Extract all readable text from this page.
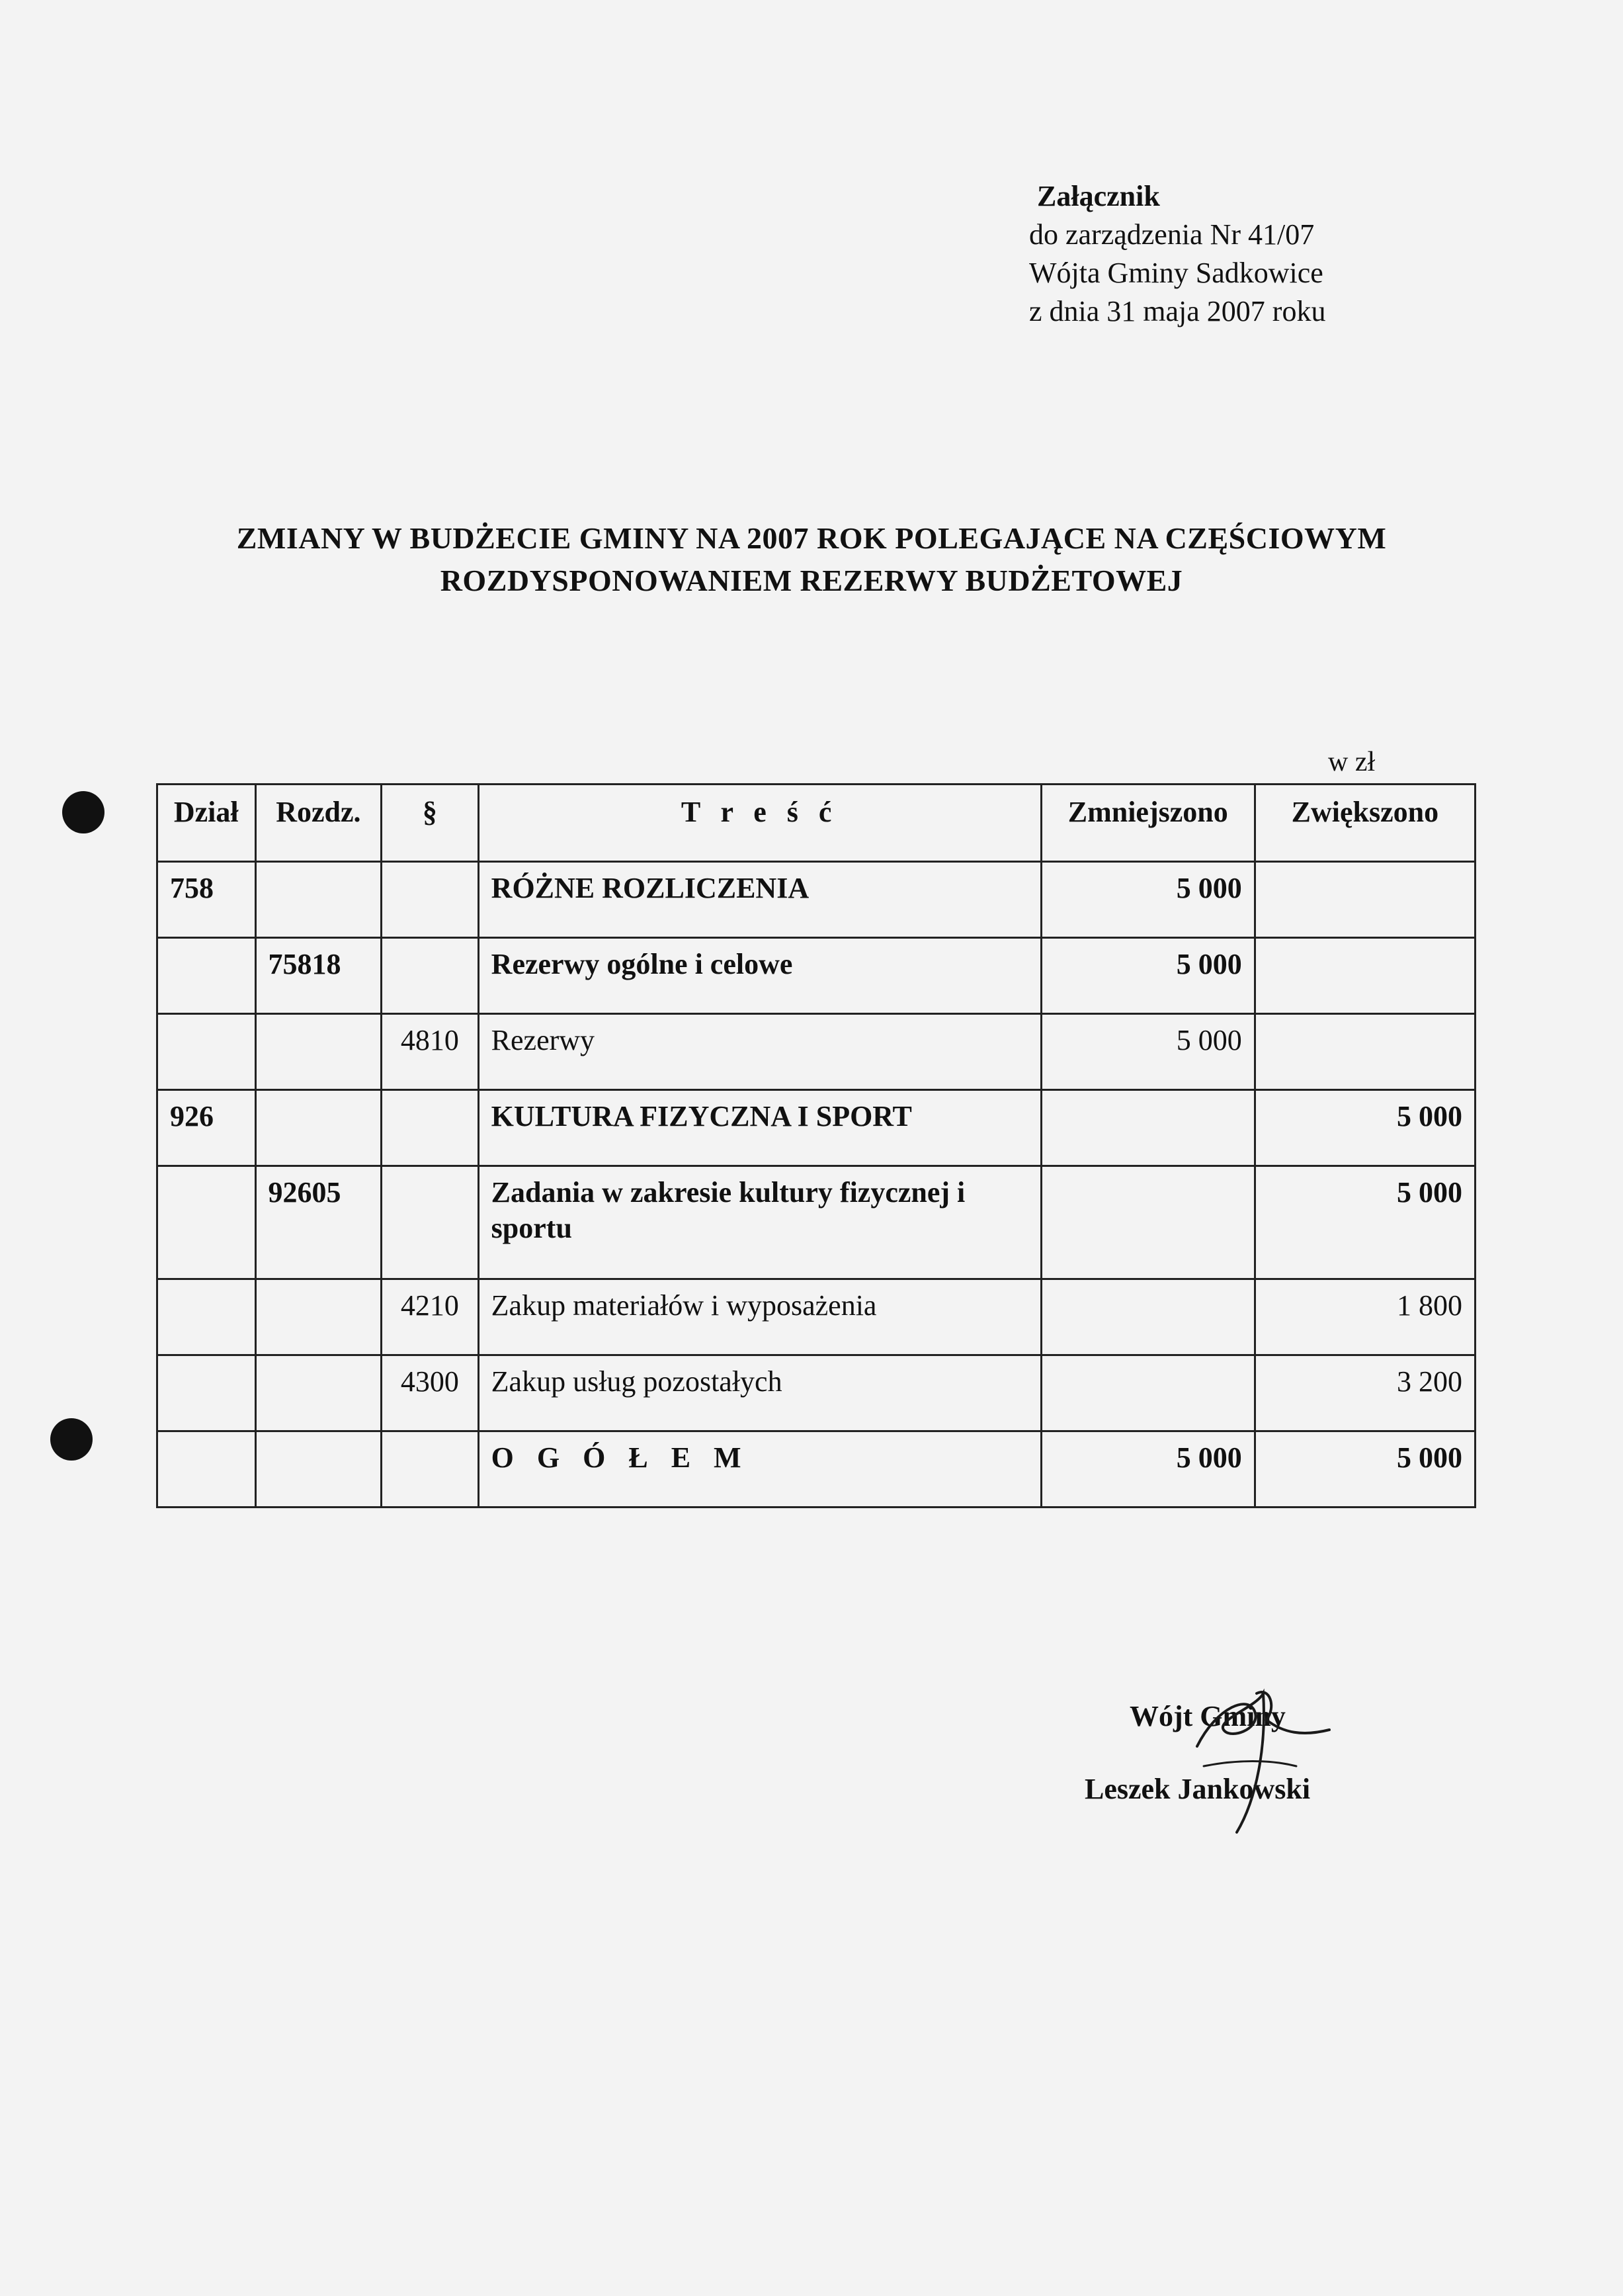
Załącznik
do zarządzenia Nr 41/07
Wójta Gminy Sadkowice
z dnia 31 maja 2007 roku
ZMIANY W BUDŻECIE GMINY NA 2007 ROK POLEGAJĄCE NA CZĘŚCIOWYM
ROZDYSPONOWANIEM REZERWY BUDŻETOWEJ
w zł
Dział	Rozdz.	§	T r e ś ć	Zmniejszono	Zwiększono
758			RÓŻNE ROZLICZENIA	5 000	
	75818		Rezerwy ogólne i celowe	5 000	
		4810	Rezerwy	5 000	
926			KULTURA FIZYCZNA I SPORT		5 000
	92605		Zadania w zakresie kultury fizycznej i sportu		5 000
		4210	Zakup materiałów i wyposażenia		1 800
		4300	Zakup usług pozostałych		3 200
			O G Ó Ł E M	5 000	5 000
Wójt Gminy
Leszek Jankowski
